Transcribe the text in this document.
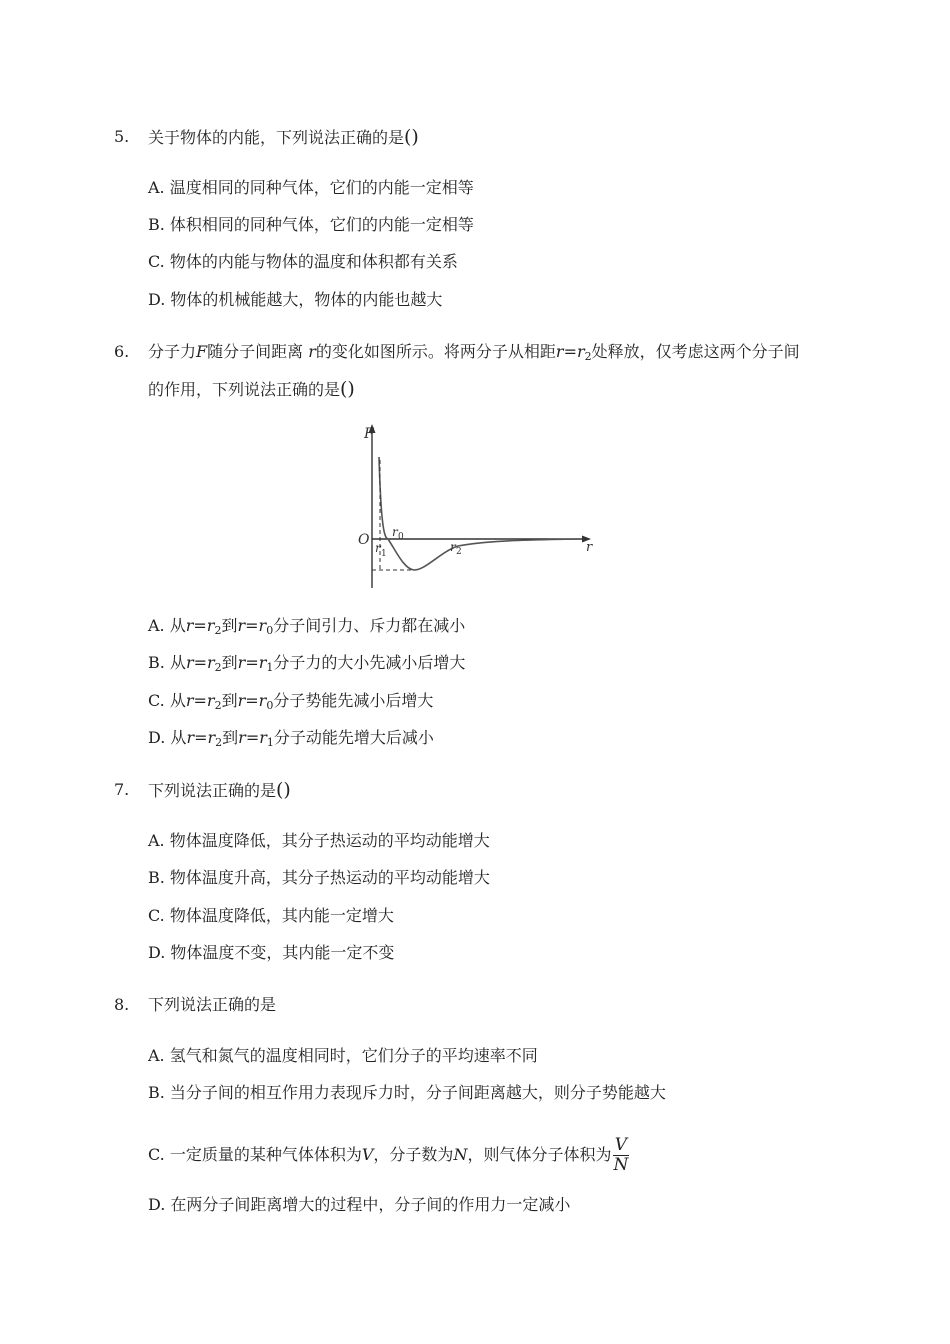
5. 关于物体的内能，下列说法正确的是()
A. 温度相同的同种气体，它们的内能一定相等
B. 体积相同的同种气体，它们的内能一定相等
C. 物体的内能与物体的温度和体积都有关系
D. 物体的机械能越大，物体的内能也越大
6. 分子力F随分子间距离 r的变化如图所示。将两分子从相距$r=r_2$处释放，仅考虑这两个分子间
的作用，下列说法正确的是()
F
O r 0
r 1	r 2	r
A. 从$r=r_2$到$r=r_0$分子间引力、斥力都在减小
B. 从$r=r_2$到$r=r_1$分子力的大小先减小后增大
C. 从$r=r_2$到$r=r_0$分子势能先减小后增大
D. 从$r=r_2$到$r=r_1$分子动能先增大后减小
7. 下列说法正确的是()
A. 物体温度降低，其分子热运动的平均动能增大
B. 物体温度升高，其分子热运动的平均动能增大
C. 物体温度降低，其内能一定增大
D. 物体温度不变，其内能一定不变
8. 下列说法正确的是
A. 氢气和氮气的温度相同时，它们分子的平均速率不同
B. 当分子间的相互作用力表现斥力时，分子间距离越大，则分子势能越大
C. 一定质量的某种气体体积为V，分子数为N，则气体分子体积为 $\frac{V}{N}$
D. 在两分子间距离增大的过程中，分子间的作用力一定减小
